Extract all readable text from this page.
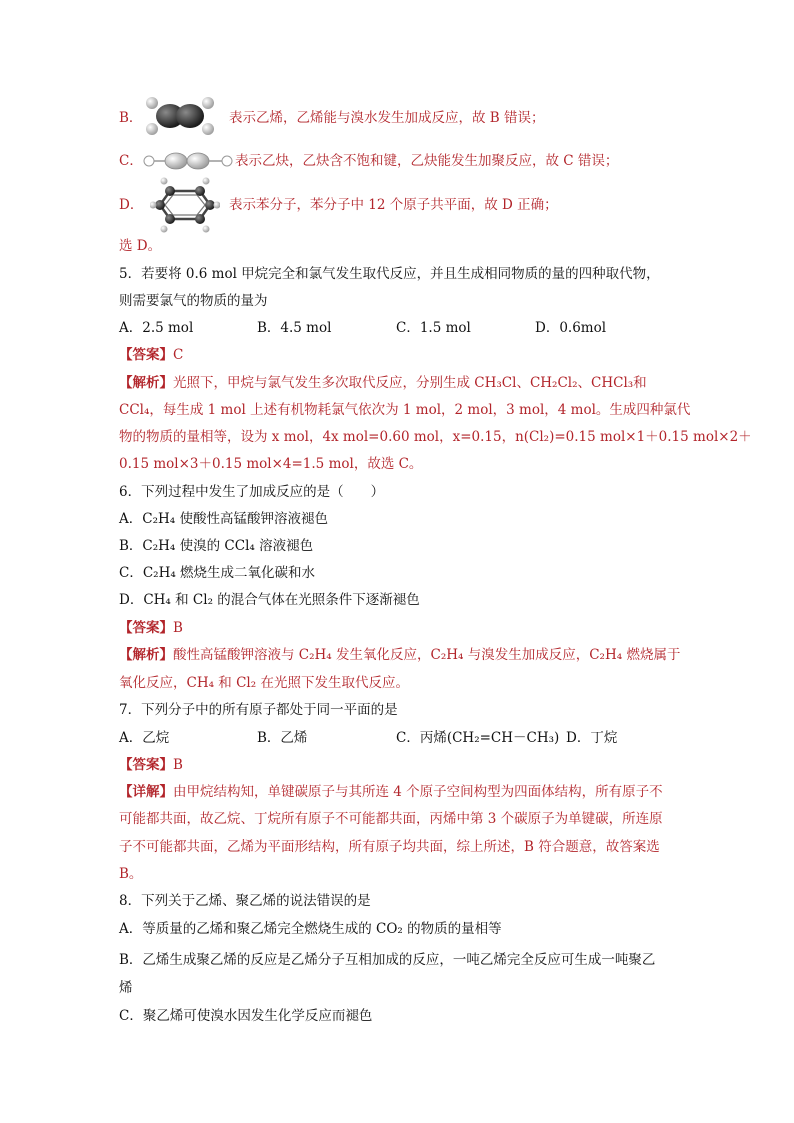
B．	表示乙烯，乙烯能与溴水发生加成反应，故 B 错误；
C．	表示乙炔，乙炔含不饱和键，乙炔能发生加聚反应，故 C 错误；
D．	表示苯分子，苯分子中 12 个原子共平面，故 D 正确；
选 D。
5．若要将 0.6 mol 甲烷完全和氯气发生取代反应，并且生成相同物质的量的四种取代物，
则需要氯气的物质的量为
A．2.5 mol	B．4.5 mol	C．1.5 mol	D．0.6mol
【答案】C
【解析】光照下，甲烷与氯气发生多次取代反应，分别生成 CH₃Cl、CH₂Cl₂、CHCl₃和
CCl₄，每生成 1 mol 上述有机物耗氯气依次为 1 mol，2 mol，3 mol，4 mol。生成四种氯代
物的物质的量相等，设为 x mol，4x mol=0.60 mol，x=0.15，n(Cl₂)=0.15 mol×1＋0.15 mol×2＋
0.15 mol×3＋0.15 mol×4=1.5 mol，故选 C。
6．下列过程中发生了加成反应的是（　　）
A．C₂H₄ 使酸性高锰酸钾溶液褪色
B．C₂H₄ 使溴的 CCl₄ 溶液褪色
C．C₂H₄ 燃烧生成二氧化碳和水
D．CH₄ 和 Cl₂ 的混合气体在光照条件下逐渐褪色
【答案】B
【解析】酸性高锰酸钾溶液与 C₂H₄ 发生氧化反应，C₂H₄ 与溴发生加成反应，C₂H₄ 燃烧属于
氧化反应，CH₄ 和 Cl₂ 在光照下发生取代反应。
7．下列分子中的所有原子都处于同一平面的是
A．乙烷	B．乙烯	C．丙烯(CH₂=CH－CH₃) D．丁烷
【答案】B
【详解】由甲烷结构知，单键碳原子与其所连 4 个原子空间构型为四面体结构，所有原子不
可能都共面，故乙烷、丁烷所有原子不可能都共面，丙烯中第 3 个碳原子为单键碳，所连原
子不可能都共面，乙烯为平面形结构，所有原子均共面，综上所述，B 符合题意，故答案选
B。
8．下列关于乙烯、聚乙烯的说法错误的是
A．等质量的乙烯和聚乙烯完全燃烧生成的 CO₂ 的物质的量相等
B．乙烯生成聚乙烯的反应是乙烯分子互相加成的反应，一吨乙烯完全反应可生成一吨聚乙
烯
C．聚乙烯可使溴水因发生化学反应而褪色
